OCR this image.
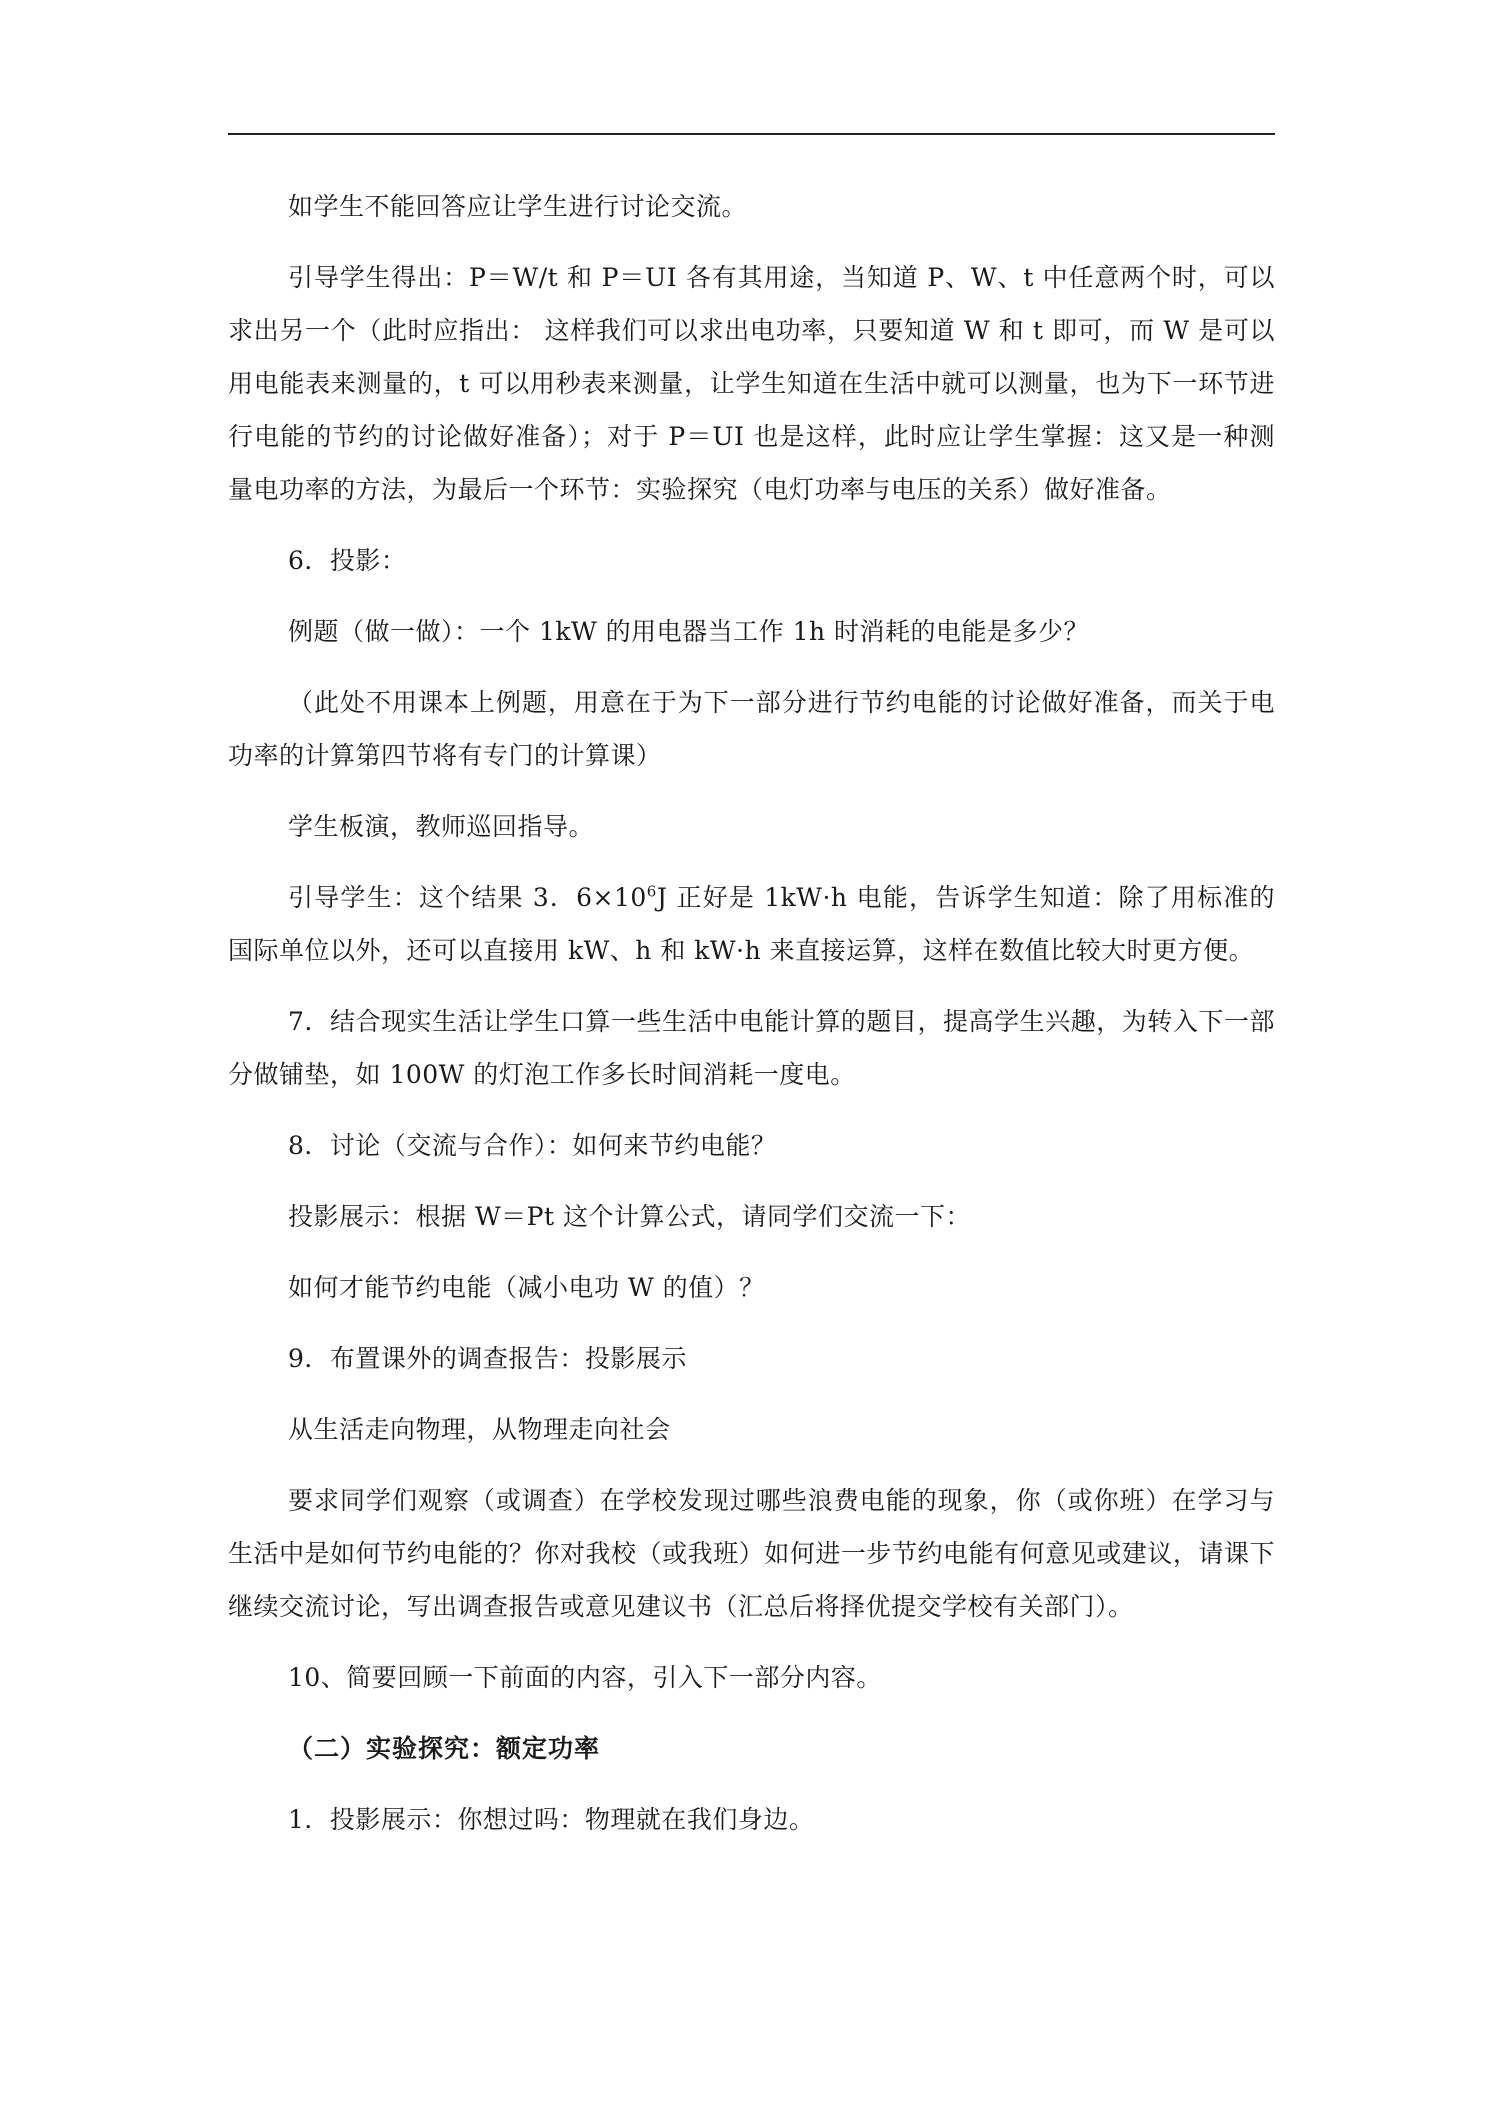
如学生不能回答应让学生进行讨论交流。

引导学生得出：P＝W/t 和 P＝UI 各有其用途，当知道 P、W、t 中任意两个时，可以求出另一个（此时应指出： 这样我们可以求出电功率，只要知道 W 和 t 即可，而 W 是可以用电能表来测量的，t 可以用秒表来测量，让学生知道在生活中就可以测量，也为下一环节进行电能的节约的讨论做好准备）；对于 P＝UI 也是这样，此时应让学生掌握：这又是一种测量电功率的方法，为最后一个环节：实验探究（电灯功率与电压的关系）做好准备。

6．投影：

例题（做一做）：一个 1kW 的用电器当工作 1h 时消耗的电能是多少？

（此处不用课本上例题，用意在于为下一部分进行节约电能的讨论做好准备，而关于电功率的计算第四节将有专门的计算课）

学生板演，教师巡回指导。

引导学生：这个结果 3．$6\times 10^6J$ 正好是 1kW·h 电能，告诉学生知道：除了用标准的国际单位以外，还可以直接用 kW、h 和 kW·h 来直接运算，这样在数值比较大时更方便。

7．结合现实生活让学生口算一些生活中电能计算的题目，提高学生兴趣，为转入下一部分做铺垫，如 100W 的灯泡工作多长时间消耗一度电。

8．讨论（交流与合作）：如何来节约电能？

投影展示：根据 W＝Pt 这个计算公式，请同学们交流一下：

如何才能节约电能（减小电功 W 的值）？

9．布置课外的调查报告：投影展示

从生活走向物理，从物理走向社会

要求同学们观察（或调查）在学校发现过哪些浪费电能的现象，你（或你班）在学习与生活中是如何节约电能的？你对我校（或我班）如何进一步节约电能有何意见或建议，请课下继续交流讨论，写出调查报告或意见建议书（汇总后将择优提交学校有关部门）。

10、简要回顾一下前面的内容，引入下一部分内容。

（二）实验探究：额定功率

1．投影展示：你想过吗：物理就在我们身边。
